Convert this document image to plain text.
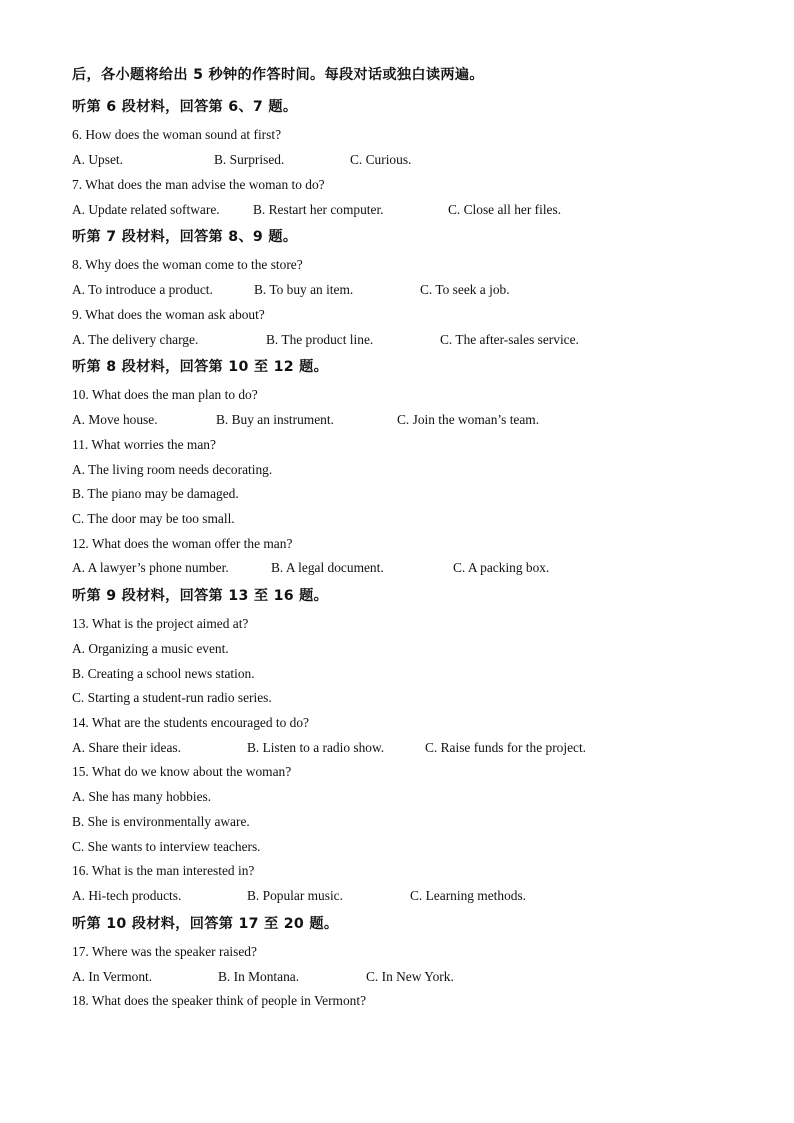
后，各小题将给出 5 秒钟的作答时间。每段对话或独白读两遍。
听第 6 段材料，回答第 6、7 题。
6. How does the woman sound at first?
A. Upset.	B. Surprised.	C. Curious.
7. What does the man advise the woman to do?
A. Update related software. B. Restart her computer.	C. Close all her files.
听第 7 段材料，回答第 8、9 题。
8. Why does the woman come to the store?
A. To introduce a product.	B. To buy an item.	C. To seek a job.
9. What does the woman ask about?
A. The delivery charge.	B. The product line.	C. The after-sales service.
听第 8 段材料，回答第 10 至 12 题。
10. What does the man plan to do?
A. Move house.	B. Buy an instrument.	C. Join the woman’s team.
11. What worries the man?
A. The living room needs decorating.
B. The piano may be damaged.
C. The door may be too small.
12. What does the woman offer the man?
A. A lawyer’s phone number.	B. A legal document.	C. A packing box.
听第 9 段材料，回答第 13 至 16 题。
13. What is the project aimed at?
A. Organizing a music event.
B. Creating a school news station.
C. Starting a student-run radio series.
14. What are the students encouraged to do?
A. Share their ideas.	B. Listen to a radio show.	C. Raise funds for the project.
15. What do we know about the woman?
A. She has many hobbies.
B. She is environmentally aware.
C. She wants to interview teachers.
16. What is the man interested in?
A. Hi-tech products.	B. Popular music.	C. Learning methods.
听第 10 段材料，回答第 17 至 20 题。
17. Where was the speaker raised?
A. In Vermont.	B. In Montana.	C. In New York.
18. What does the speaker think of people in Vermont?
